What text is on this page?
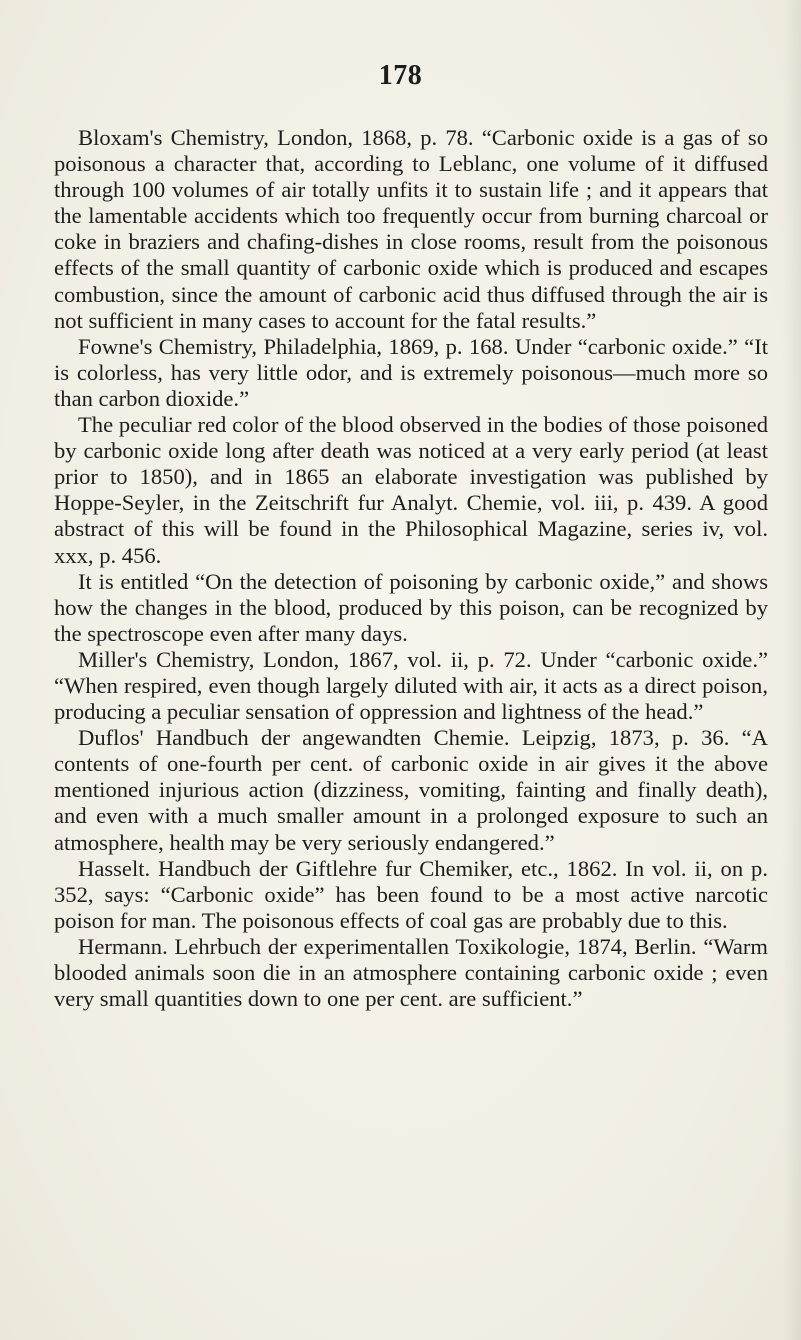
178

Bloxam's Chemistry, London, 1868, p. 78. “Carbonic oxide is a gas of so poisonous a character that, according to Leblanc, one volume of it diffused through 100 volumes of air totally unfits it to sustain life ; and it appears that the lamentable accidents which too frequently occur from burning charcoal or coke in braziers and chafing-dishes in close rooms, result from the poisonous effects of the small quantity of carbonic oxide which is produced and escapes combustion, since the amount of carbonic acid thus diffused through the air is not sufficient in many cases to account for the fatal results.”

Fowne's Chemistry, Philadelphia, 1869, p. 168. Under “carbonic oxide.” “It is colorless, has very little odor, and is extremely poisonous—much more so than carbon dioxide.”

The peculiar red color of the blood observed in the bodies of those poisoned by carbonic oxide long after death was noticed at a very early period (at least prior to 1850), and in 1865 an elaborate investigation was published by Hoppe-Seyler, in the Zeitschrift fur Analyt. Chemie, vol. iii, p. 439. A good abstract of this will be found in the Philosophical Magazine, series iv, vol. xxx, p. 456.

It is entitled “On the detection of poisoning by carbonic oxide,” and shows how the changes in the blood, produced by this poison, can be recognized by the spectroscope even after many days.

Miller's Chemistry, London, 1867, vol. ii, p. 72. Under “carbonic oxide.” “When respired, even though largely diluted with air, it acts as a direct poison, producing a peculiar sensation of oppression and lightness of the head.”

Duflos' Handbuch der angewandten Chemie. Leipzig, 1873, p. 36. “A contents of one-fourth per cent. of carbonic oxide in air gives it the above mentioned injurious action (dizziness, vomiting, fainting and finally death), and even with a much smaller amount in a prolonged exposure to such an atmosphere, health may be very seriously endangered.”

Hasselt. Handbuch der Giftlehre fur Chemiker, etc., 1862. In vol. ii, on p. 352, says: “Carbonic oxide” has been found to be a most active narcotic poison for man. The poisonous effects of coal gas are probably due to this.

Hermann. Lehrbuch der experimentallen Toxikologie, 1874, Berlin. “Warm blooded animals soon die in an atmosphere containing carbonic oxide ; even very small quantities down to one per cent. are sufficient.”
